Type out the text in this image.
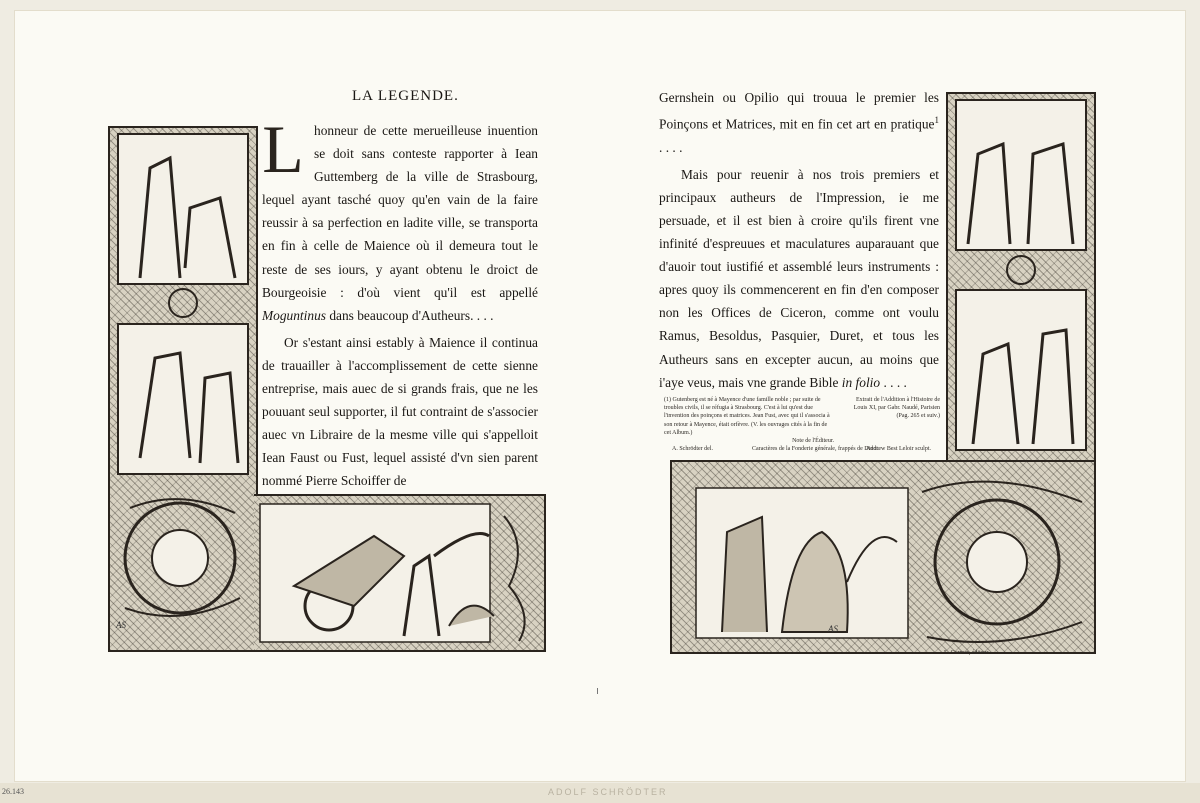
26.143	ADOLF SCHRÖDTER
LA LEGENDE.
AS

L honneur de cette merueilleuse inuention se doit sans conteste rapporter à Iean Guttemberg de la ville de Strasbourg, lequel ayant tasché quoy qu'en vain de la faire reussir à sa perfection en ladite ville, se transporta en fin à celle de Maience où il demeura tout le reste de ses iours, y ayant obtenu le droict de Bourgeoisie : d'où vient qu'il est appellé Moguntinus dans beaucoup d'Autheurs. . . .

Or s'estant ainsi estably à Maience il continua de trauailler à l'accomplissement de cette sienne entreprise, mais auec de si grands frais, que ne les pouuant seul supporter, il fut contraint de s'associer auec vn Libraire de la mesme ville qui s'appelloit Iean Faust ou Fust, lequel assisté d'vn sien parent nommé Pierre Schoiffer de

Gernshein ou Opilio qui trouua le premier les Poinçons et Matrices, mit en fin cet art en pratique$^1$ . . . .

Mais pour reuenir à nos trois premiers et principaux autheurs de l'Impression, ie me persuade, et il est bien à croire qu'ils firent vne infinité d'espreuues et maculatures auparauant que d'auoir tout iustifié et assemblé leurs instruments : apres quoy ils commencerent en fin d'en composer non les Offices de Ciceron, comme ont voulu Ramus, Besoldus, Pasquier, Duret, et tous les Autheurs sans en excepter aucun, au moins que i'aye veus, mais vne grande Bible in folio . . . .

(1) Gutenberg est né à Mayence d'une famille noble ; par suite de troubles civils, il se réfugia à Strasbourg. C'est à lui qu'est due l'invention des poinçons et matrices. Jean Fust, avec qui il s'associa à son retour à Mayence, était orfèvre. (V. les ouvrages cités à la fin de cet Album.)
Note de l'Éditeur.
Extrait de l'Addition à l'Histoire de Louis XI, par Gabr. Naudé, Parisien (Pag. 265 et suiv.)
A. Schrödter del.	Caractères de la Fonderie générale, frappés de Didot.
Andrew Best Leloir sculpt.
AS
L. Curmer, éditeur.
